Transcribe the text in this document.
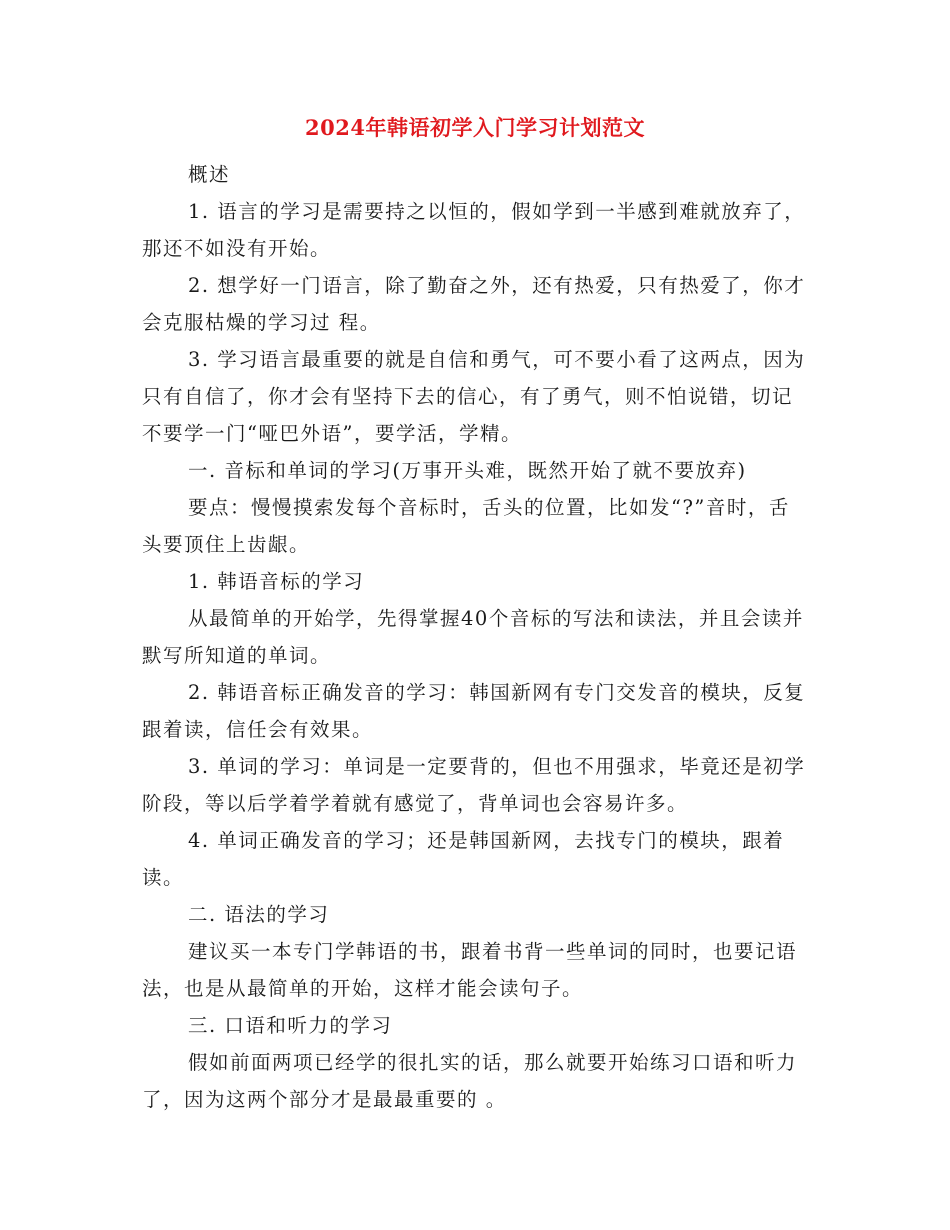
2024年韩语初学入门学习计划范文

概述

1. 语言的学习是需要持之以恒的，假如学到一半感到难就放弃了，那还不如没有开始。

2. 想学好一门语言，除了勤奋之外，还有热爱，只有热爱了，你才会克服枯燥的学习过 程。

3. 学习语言最重要的就是自信和勇气，可不要小看了这两点，因为只有自信了，你才会有坚持下去的信心，有了勇气，则不怕说错，切记不要学一门“哑巴外语”，要学活，学精。

一. 音标和单词的学习(万事开头难，既然开始了就不要放弃)

要点：慢慢摸索发每个音标时，舌头的位置，比如发“?”音时，舌头要顶住上齿龈。

1. 韩语音标的学习

从最简单的开始学，先得掌握40个音标的写法和读法，并且会读并默写所知道的单词。

2. 韩语音标正确发音的学习：韩国新网有专门交发音的模块，反复跟着读，信任会有效果。

3. 单词的学习：单词是一定要背的，但也不用强求，毕竟还是初学阶段，等以后学着学着就有感觉了，背单词也会容易许多。

4. 单词正确发音的学习；还是韩国新网，去找专门的模块，跟着读。

二. 语法的学习

建议买一本专门学韩语的书，跟着书背一些单词的同时，也要记语法，也是从最简单的开始，这样才能会读句子。

三. 口语和听力的学习

假如前面两项已经学的很扎实的话，那么就要开始练习口语和听力了，因为这两个部分才是最最重要的 。
